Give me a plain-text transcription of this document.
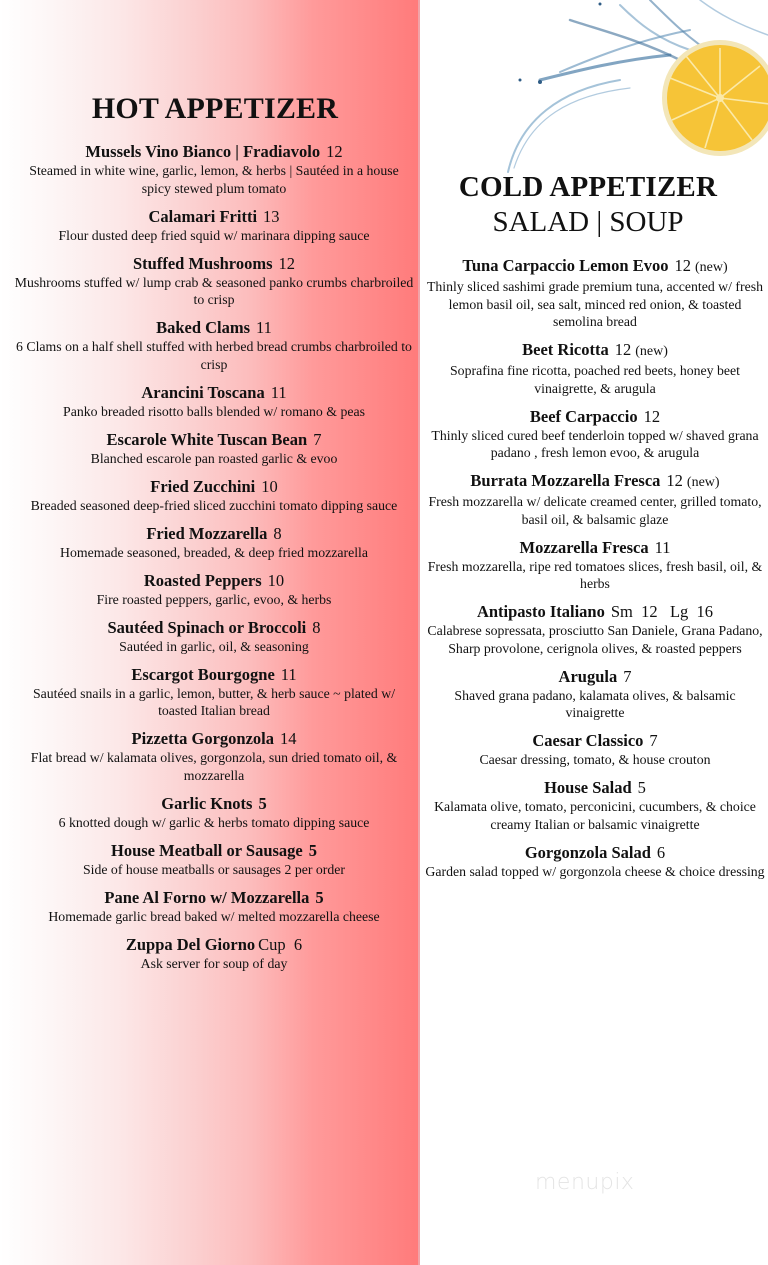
HOT APPETIZER
COLD APPETIZER
SALAD | SOUP
Mussels Vino Bianco | Fradiavolo 12
Steamed in white wine, garlic, lemon, & herbs | Sautéed in a house spicy stewed plum tomato
Calamari Fritti 13
Flour dusted deep fried squid w/ marinara dipping sauce
Stuffed Mushrooms 12
Mushrooms stuffed w/ lump crab & seasoned panko crumbs charbroiled to crisp
Baked Clams 11
6 Clams on a half shell stuffed with herbed bread crumbs charbroiled to crisp
Arancini Toscana 11
Panko breaded risotto balls blended w/ romano & peas
Escarole White Tuscan Bean 7
Blanched escarole pan roasted garlic & evoo
Fried Zucchini 10
Breaded seasoned deep-fried sliced zucchini tomato dipping sauce
Fried Mozzarella 8
Homemade seasoned, breaded, & deep fried mozzarella
Roasted Peppers 10
Fire roasted peppers, garlic, evoo, & herbs
Sautéed Spinach or Broccoli 8
Sautéed in garlic, oil, & seasoning
Escargot Bourgogne 11
Sautéed snails in a garlic, lemon, butter, & herb sauce ~ plated w/ toasted Italian bread
Pizzetta Gorgonzola 14
Flat bread w/ kalamata olives, gorgonzola, sun dried tomato oil, & mozzarella
Garlic Knots 5
6 knotted dough w/ garlic & herbs tomato dipping sauce
House Meatball or Sausage 5
Side of house meatballs or sausages 2 per order
Pane Al Forno w/ Mozzarella 5
Homemade garlic bread baked w/ melted mozzarella cheese
Zuppa Del Giorno Cup  6
Ask server for soup of day
Tuna Carpaccio Lemon Evoo 12 (new)
Thinly sliced sashimi grade premium tuna, accented w/ fresh lemon basil oil, sea salt, minced red onion, & toasted semolina bread
Beet Ricotta 12 (new)
Soprafina fine ricotta, poached red beets, honey beet vinaigrette, & arugula
Beef Carpaccio 12
Thinly sliced cured beef tenderloin topped w/ shaved grana padano , fresh lemon evoo, & arugula
Burrata Mozzarella Fresca 12 (new)
Fresh mozzarella w/ delicate creamed center, grilled tomato, basil oil, & balsamic glaze
Mozzarella Fresca 11
Fresh mozzarella, ripe red tomatoes slices, fresh basil, oil, & herbs
Antipasto Italiano Sm  12   Lg  16
Calabrese sopressata, prosciutto San Daniele, Grana Padano, Sharp provolone, cerignola olives, & roasted peppers
Arugula 7
Shaved grana padano, kalamata olives, & balsamic vinaigrette
Caesar Classico 7
Caesar dressing, tomato, & house crouton
House Salad 5
Kalamata olive, tomato, perconicini, cucumbers, & choice creamy Italian or balsamic vinaigrette
Gorgonzola Salad 6
Garden salad topped w/ gorgonzola cheese & choice dressing
menupix
